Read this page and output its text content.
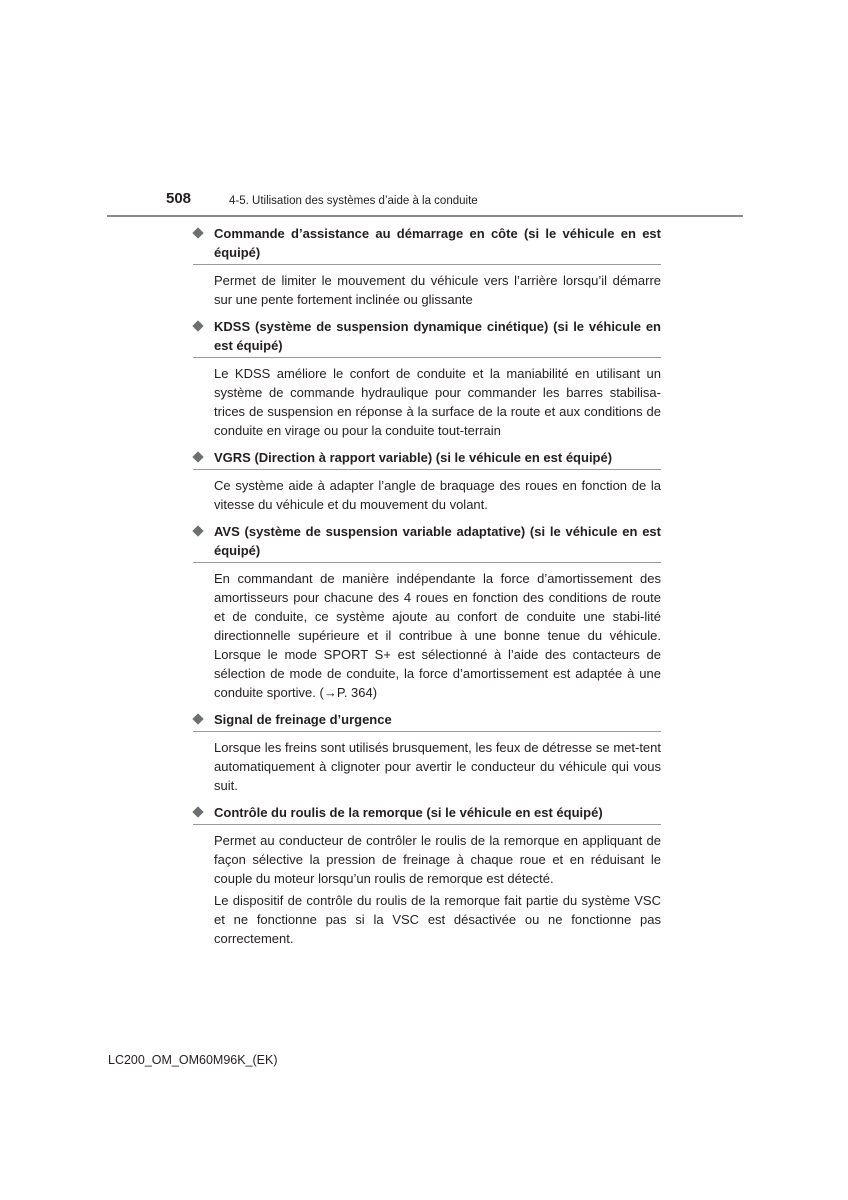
508	4-5. Utilisation des systèmes d’aide à la conduite
Commande d’assistance au démarrage en côte (si le véhicule en est équipé)

Permet de limiter le mouvement du véhicule vers l’arrière lorsqu’il démarre sur une pente fortement inclinée ou glissante

KDSS (système de suspension dynamique cinétique) (si le véhicule en est équipé)

Le KDSS améliore le confort de conduite et la maniabilité en utilisant un système de commande hydraulique pour commander les barres stabilisa-trices de suspension en réponse à la surface de la route et aux conditions de conduite en virage ou pour la conduite tout-terrain

VGRS (Direction à rapport variable) (si le véhicule en est équipé)

Ce système aide à adapter l’angle de braquage des roues en fonction de la vitesse du véhicule et du mouvement du volant.

AVS (système de suspension variable adaptative) (si le véhicule en est équipé)

En commandant de manière indépendante la force d’amortissement des amortisseurs pour chacune des 4 roues en fonction des conditions de route et de conduite, ce système ajoute au confort de conduite une stabi-lité directionnelle supérieure et il contribue à une bonne tenue du véhicule. Lorsque le mode SPORT S+ est sélectionné à l’aide des contacteurs de sélection de mode de conduite, la force d’amortissement est adaptée à une conduite sportive. (→P. 364)

Signal de freinage d’urgence

Lorsque les freins sont utilisés brusquement, les feux de détresse se met-tent automatiquement à clignoter pour avertir le conducteur du véhicule qui vous suit.

Contrôle du roulis de la remorque (si le véhicule en est équipé)

Permet au conducteur de contrôler le roulis de la remorque en appliquant de façon sélective la pression de freinage à chaque roue et en réduisant le couple du moteur lorsqu’un roulis de remorque est détecté.

Le dispositif de contrôle du roulis de la remorque fait partie du système VSC et ne fonctionne pas si la VSC est désactivée ou ne fonctionne pas correctement.

LC200_OM_OM60M96K_(EK)
